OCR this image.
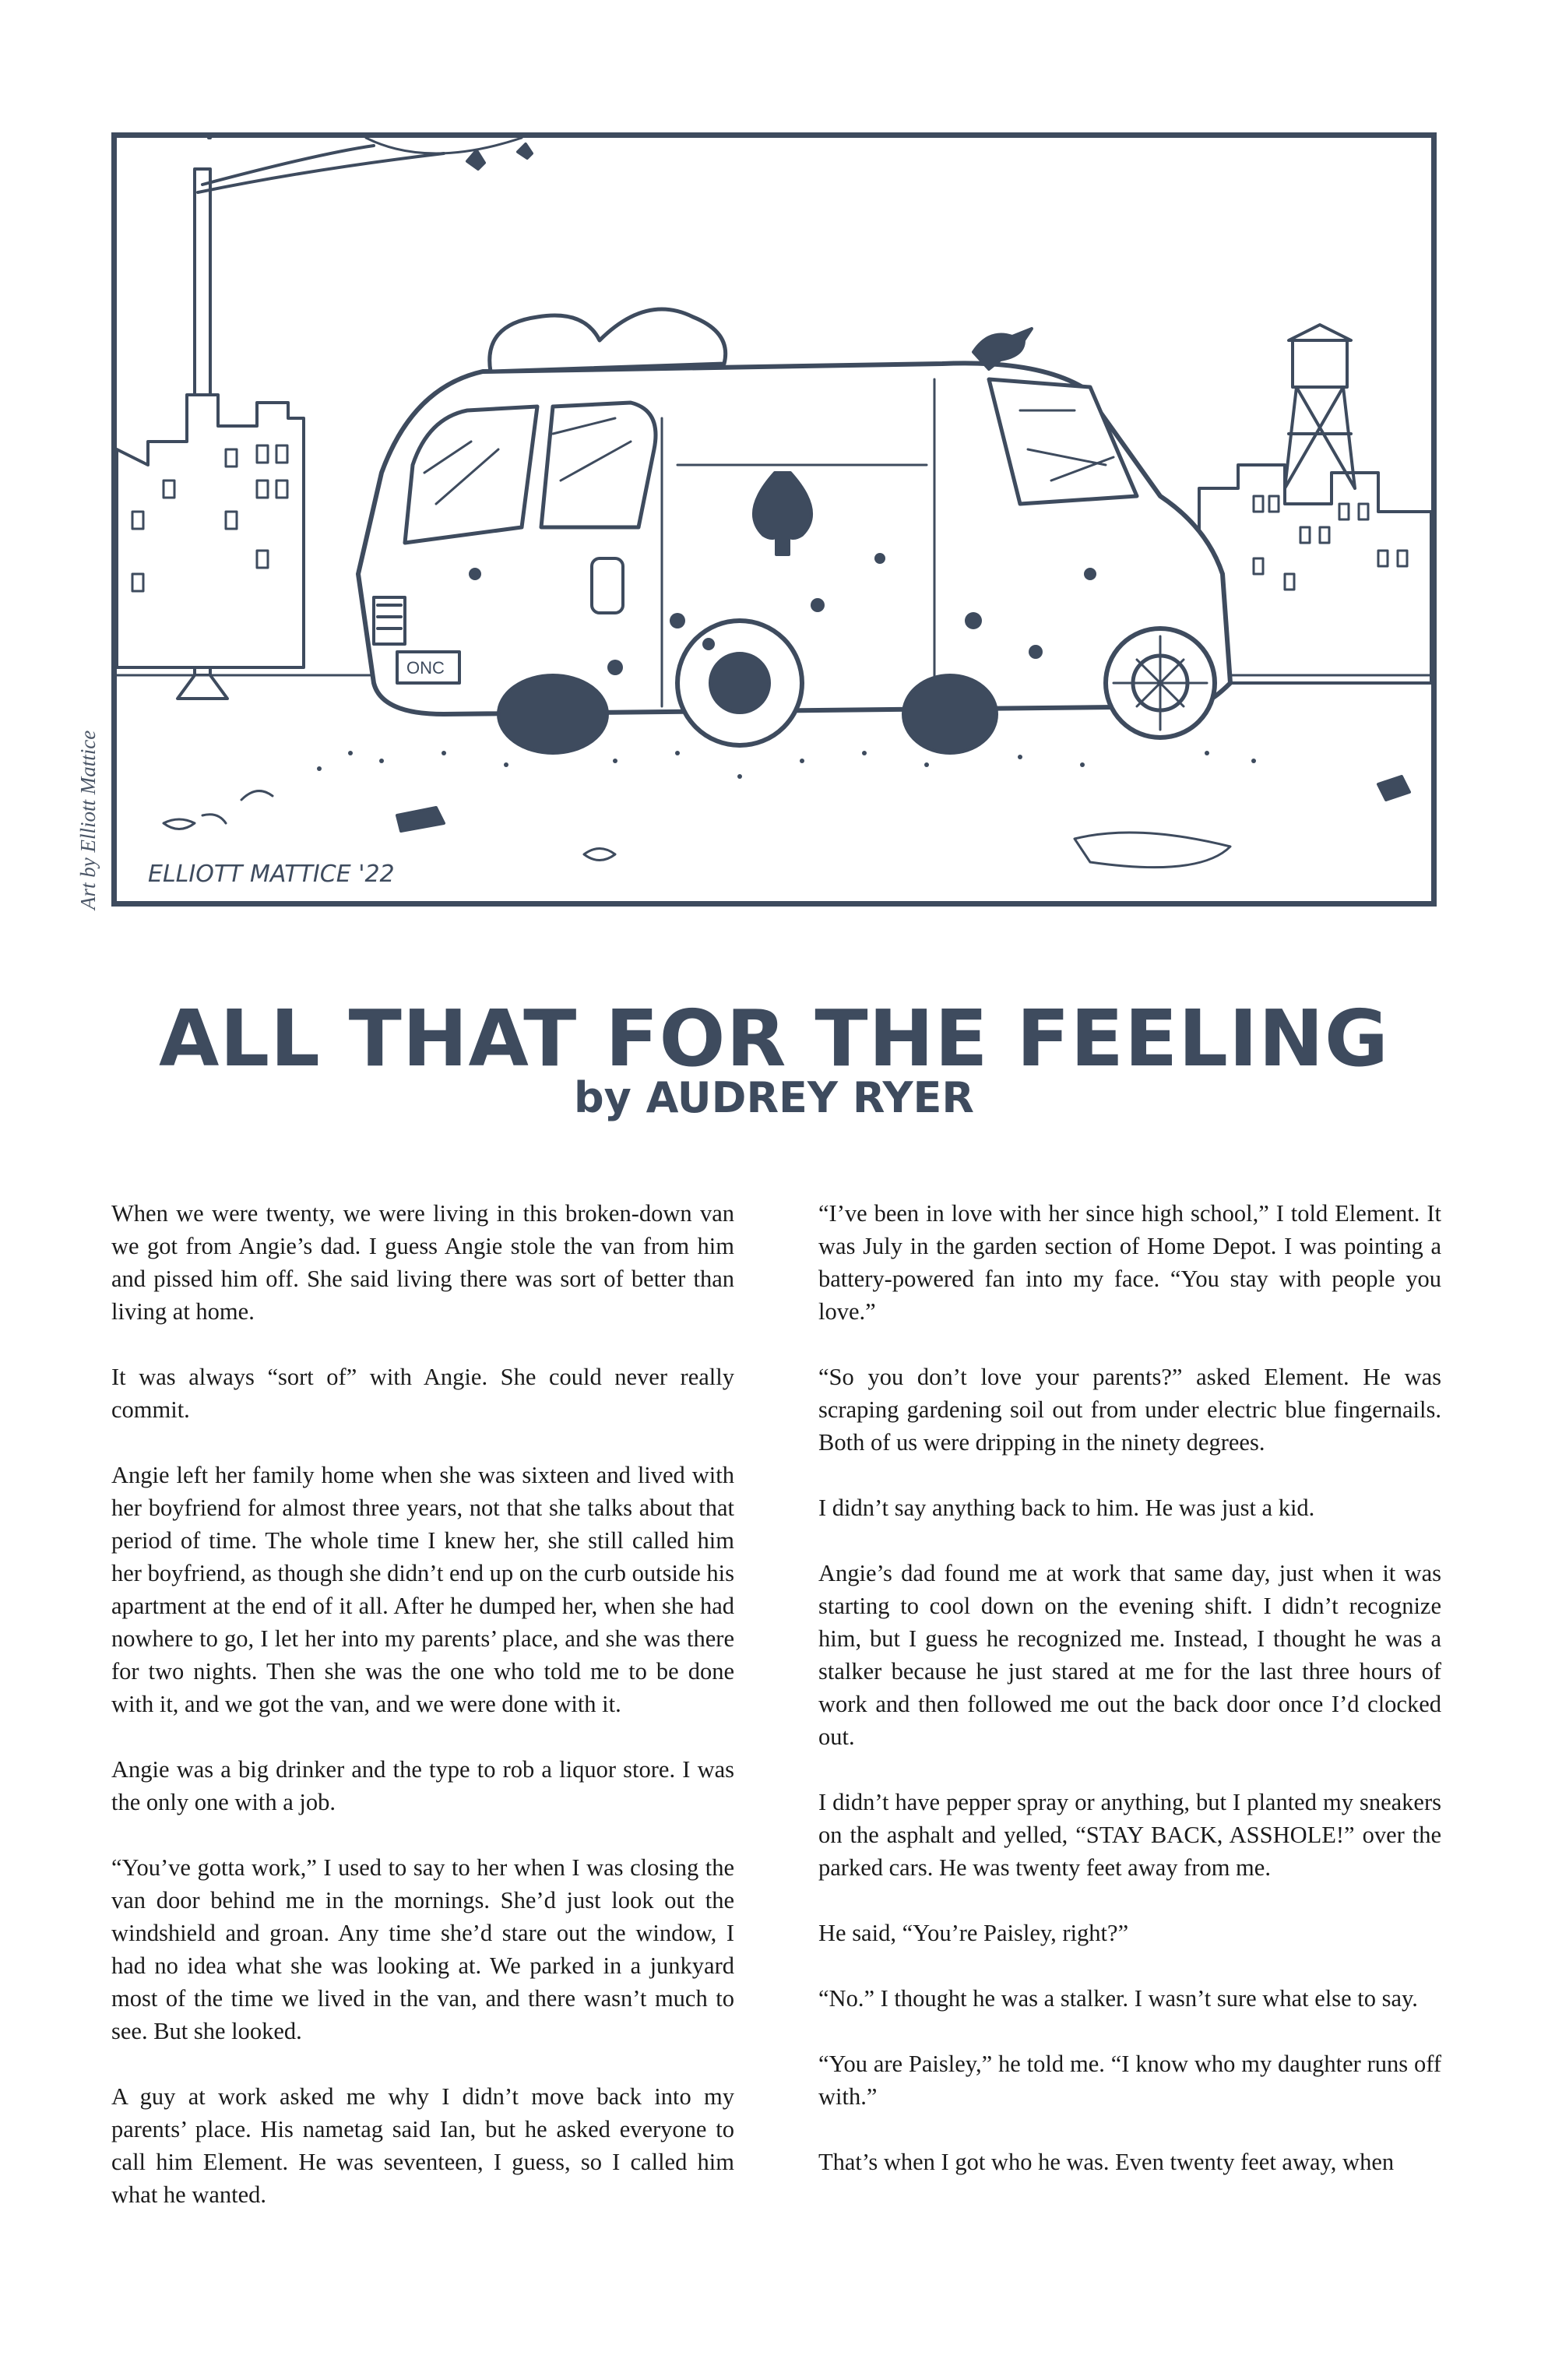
ONC
ELLIOTT MATTICE '22
Art by Elliott Mattice
ALL THAT FOR THE FEELING
by AUDREY RYER

When we were twenty, we were living in this broken-down van we got from Angie’s dad. I guess Angie stole the van from him and pissed him off. She said living there was sort of better than living at home.

It was always “sort of” with Angie. She could never really commit.

Angie left her family home when she was sixteen and lived with her boyfriend for almost three years, not that she talks about that period of time. The whole time I knew her, she still called him her boyfriend, as though she didn’t end up on the curb outside his apartment at the end of it all. After he dumped her, when she had nowhere to go, I let her into my parents’ place, and she was there for two nights. Then she was the one who told me to be done with it, and we got the van, and we were done with it.

Angie was a big drinker and the type to rob a liquor store. I was the only one with a job.

“You’ve gotta work,” I used to say to her when I was closing the van door behind me in the mornings. She’d just look out the windshield and groan. Any time she’d stare out the window, I had no idea what she was looking at. We parked in a junkyard most of the time we lived in the van, and there wasn’t much to see. But she looked.

A guy at work asked me why I didn’t move back into my parents’ place. His nametag said Ian, but he asked everyone to call him Element. He was seventeen, I guess, so I called him what he wanted.

“I’ve been in love with her since high school,” I told Element. It was July in the garden section of Home Depot. I was pointing a battery-powered fan into my face. “You stay with people you love.”

“So you don’t love your parents?” asked Element. He was scraping gardening soil out from under electric blue fingernails. Both of us were dripping in the ninety degrees.

I didn’t say anything back to him. He was just a kid.

Angie’s dad found me at work that same day, just when it was starting to cool down on the evening shift. I didn’t recognize him, but I guess he recognized me. Instead, I thought he was a stalker because he just stared at me for the last three hours of work and then followed me out the back door once I’d clocked out.

I didn’t have pepper spray or anything, but I planted my sneakers on the asphalt and yelled, “STAY BACK, ASSHOLE!” over the parked cars. He was twenty feet away from me.

He said, “You’re Paisley, right?”

“No.” I thought he was a stalker. I wasn’t sure what else to say.

“You are Paisley,” he told me. “I know who my daughter runs off with.”

That’s when I got who he was. Even twenty feet away, when
